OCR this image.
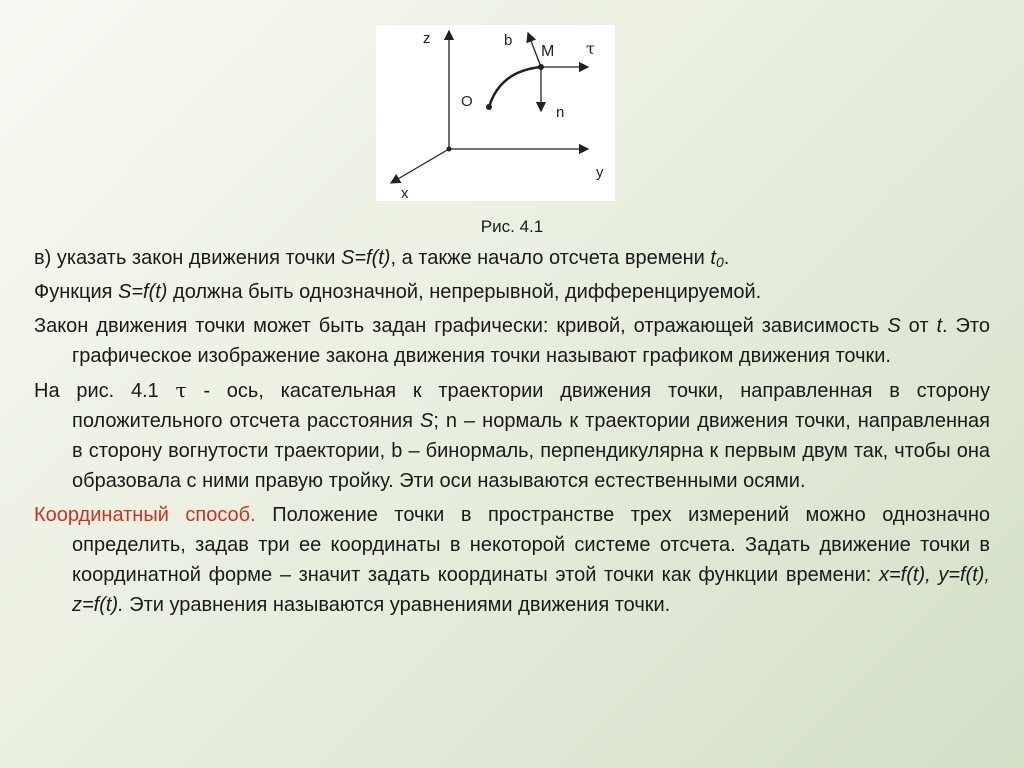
z	b
M τ
O
n
y
x
Рис. 4.1
в) указать закон движения точки S=f(t), а также начало отсчета времени $t_0$.
Функция S=f(t) должна быть однозначной, непрерывной, дифференцируемой.
Закон движения точки может быть задан графически: кривой, отражающей зависимость S от t. Это графическое изображение закона движения точки называют графиком движения точки.
На рис. 4.1 τ - ось, касательная к траектории движения точки, направленная в сторону положительного отсчета расстояния S; n – нормаль к траектории движения точки, направленная в сторону вогнутости траектории, b – бинормаль, перпендикулярна к первым двум так, чтобы она образовала с ними правую тройку. Эти оси называются естественными осями.
Координатный способ. Положение точки в пространстве трех измерений можно однозначно определить, задав три ее координаты в некоторой системе отсчета. Задать движение точки в координатной форме – значит задать координаты этой точки как функции времени: x=f(t), y=f(t), z=f(t). Эти уравнения называются уравнениями движения точки.
